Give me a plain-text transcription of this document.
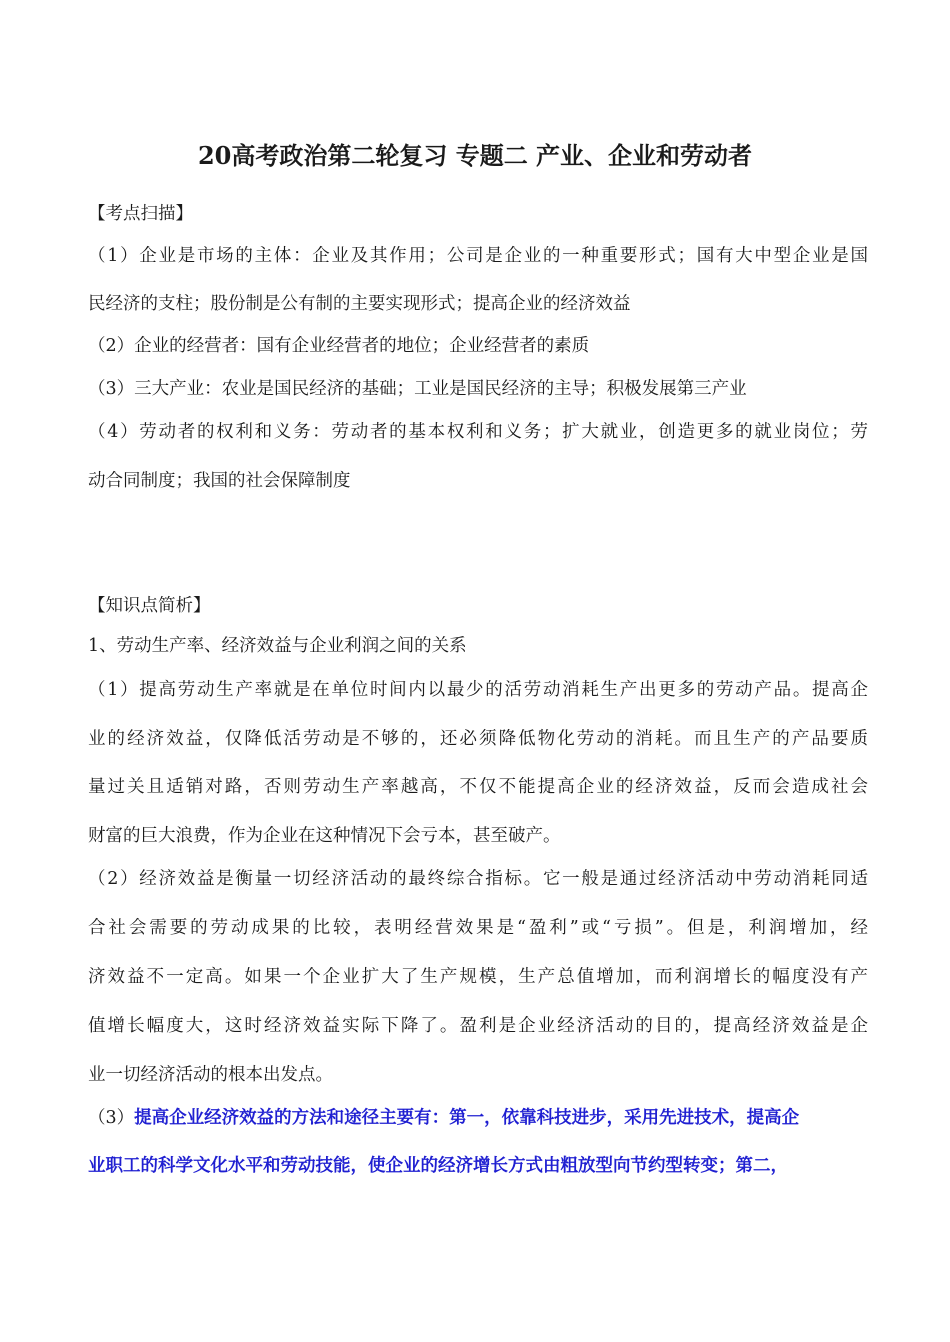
20高考政治第二轮复习 专题二 产业、企业和劳动者
【考点扫描】
（1）企业是市场的主体：企业及其作用；公司是企业的一种重要形式；国有大中型企业是国
民经济的支柱；股份制是公有制的主要实现形式；提高企业的经济效益
（2）企业的经营者：国有企业经营者的地位；企业经营者的素质
（3）三大产业：农业是国民经济的基础；工业是国民经济的主导；积极发展第三产业
（4）劳动者的权利和义务：劳动者的基本权利和义务；扩大就业，创造更多的就业岗位；劳
动合同制度；我国的社会保障制度
【知识点简析】
1、劳动生产率、经济效益与企业利润之间的关系
（1）提高劳动生产率就是在单位时间内以最少的活劳动消耗生产出更多的劳动产品。提高企
业的经济效益，仅降低活劳动是不够的，还必须降低物化劳动的消耗。而且生产的产品要质
量过关且适销对路，否则劳动生产率越高，不仅不能提高企业的经济效益，反而会造成社会
财富的巨大浪费，作为企业在这种情况下会亏本，甚至破产。
（2）经济效益是衡量一切经济活动的最终综合指标。它一般是通过经济活动中劳动消耗同适
合社会需要的劳动成果的比较，表明经营效果是“盈利”或“亏损”。但是，利润增加，经
济效益不一定高。如果一个企业扩大了生产规模，生产总值增加，而利润增长的幅度没有产
值增长幅度大，这时经济效益实际下降了。盈利是企业经济活动的目的，提高经济效益是企
业一切经济活动的根本出发点。
（3）提高企业经济效益的方法和途径主要有：第一，依靠科技进步，采用先进技术，提高企
业职工的科学文化水平和劳动技能，使企业的经济增长方式由粗放型向节约型转变；第二，
